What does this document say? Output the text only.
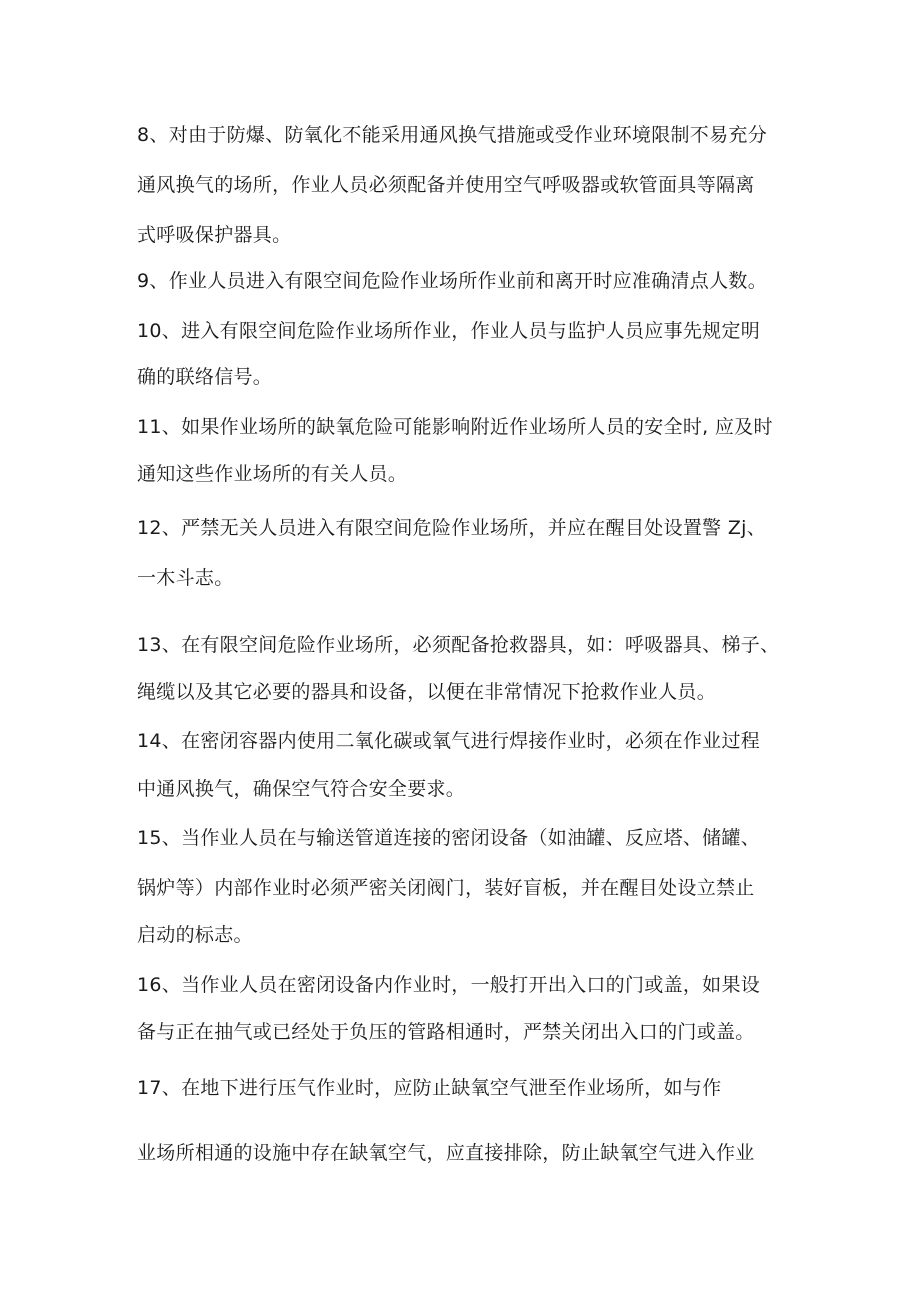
8、对由于防爆、防氧化不能采用通风换气措施或受作业环境限制不易充分
通风换气的场所，作业人员必须配备并使用空气呼吸器或软管面具等隔离
式呼吸保护器具。
9、作业人员进入有限空间危险作业场所作业前和离开时应准确清点人数。
10、进入有限空间危险作业场所作业，作业人员与监护人员应事先规定明
确的联络信号。
11、如果作业场所的缺氧危险可能影响附近作业场所人员的安全时, 应及时
通知这些作业场所的有关人员。
12、严禁无关人员进入有限空间危险作业场所，并应在醒目处设置警 Zj、
一木斗志。
13、在有限空间危险作业场所，必须配备抢救器具，如：呼吸器具、梯子、
绳缆以及其它必要的器具和设备，以便在非常情况下抢救作业人员。
14、在密闭容器内使用二氧化碳或氧气进行焊接作业时，必须在作业过程
中通风换气，确保空气符合安全要求。
15、当作业人员在与输送管道连接的密闭设备（如油罐、反应塔、储罐、
锅炉等）内部作业时必须严密关闭阀门，装好盲板，并在醒目处设立禁止
启动的标志。
16、当作业人员在密闭设备内作业时，一般打开出入口的门或盖，如果设
备与正在抽气或已经处于负压的管路相通时，严禁关闭出入口的门或盖。
17、在地下进行压气作业时，应防止缺氧空气泄至作业场所，如与作
业场所相通的设施中存在缺氧空气，应直接排除，防止缺氧空气进入作业
